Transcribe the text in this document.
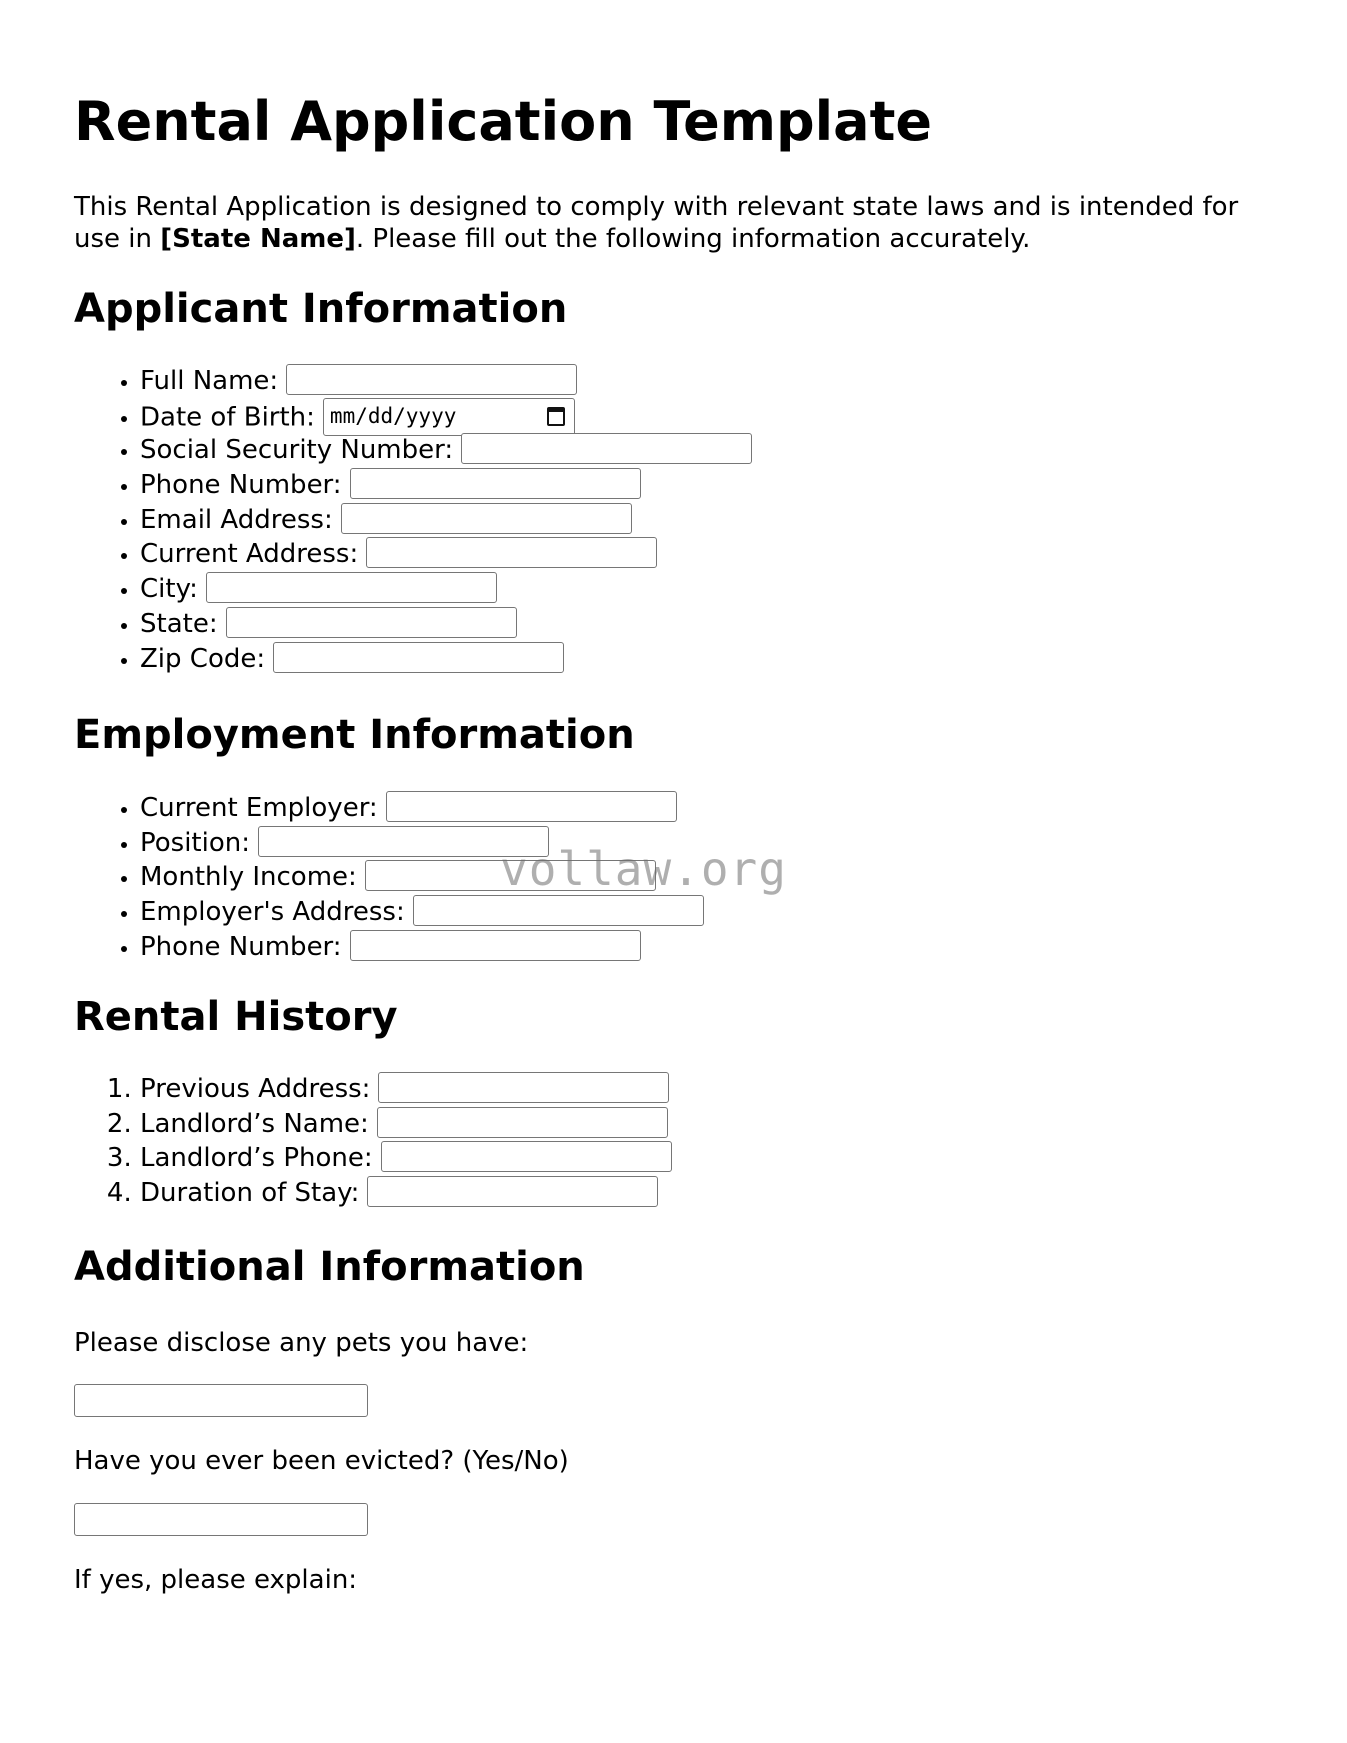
Rental Application Template

This Rental Application is designed to comply with relevant state laws and is intended for use in [State Name]. Please fill out the following information accurately.

Applicant Information
• Full Name:
• Date of Birth: mm/dd/yyyy
• Social Security Number:
• Phone Number:
• Email Address:
• Current Address:
• City:
• State:
• Zip Code:
Employment Information
• Current Employer:
• Position:
• Monthly Income:
• Employer's Address:
• Phone Number:
Rental History
1. Previous Address:
2. Landlord’s Name:
3. Landlord’s Phone:
4. Duration of Stay:
Additional Information

Please disclose any pets you have:

Have you ever been evicted? (Yes/No)

If yes, please explain:

vollaw.org
